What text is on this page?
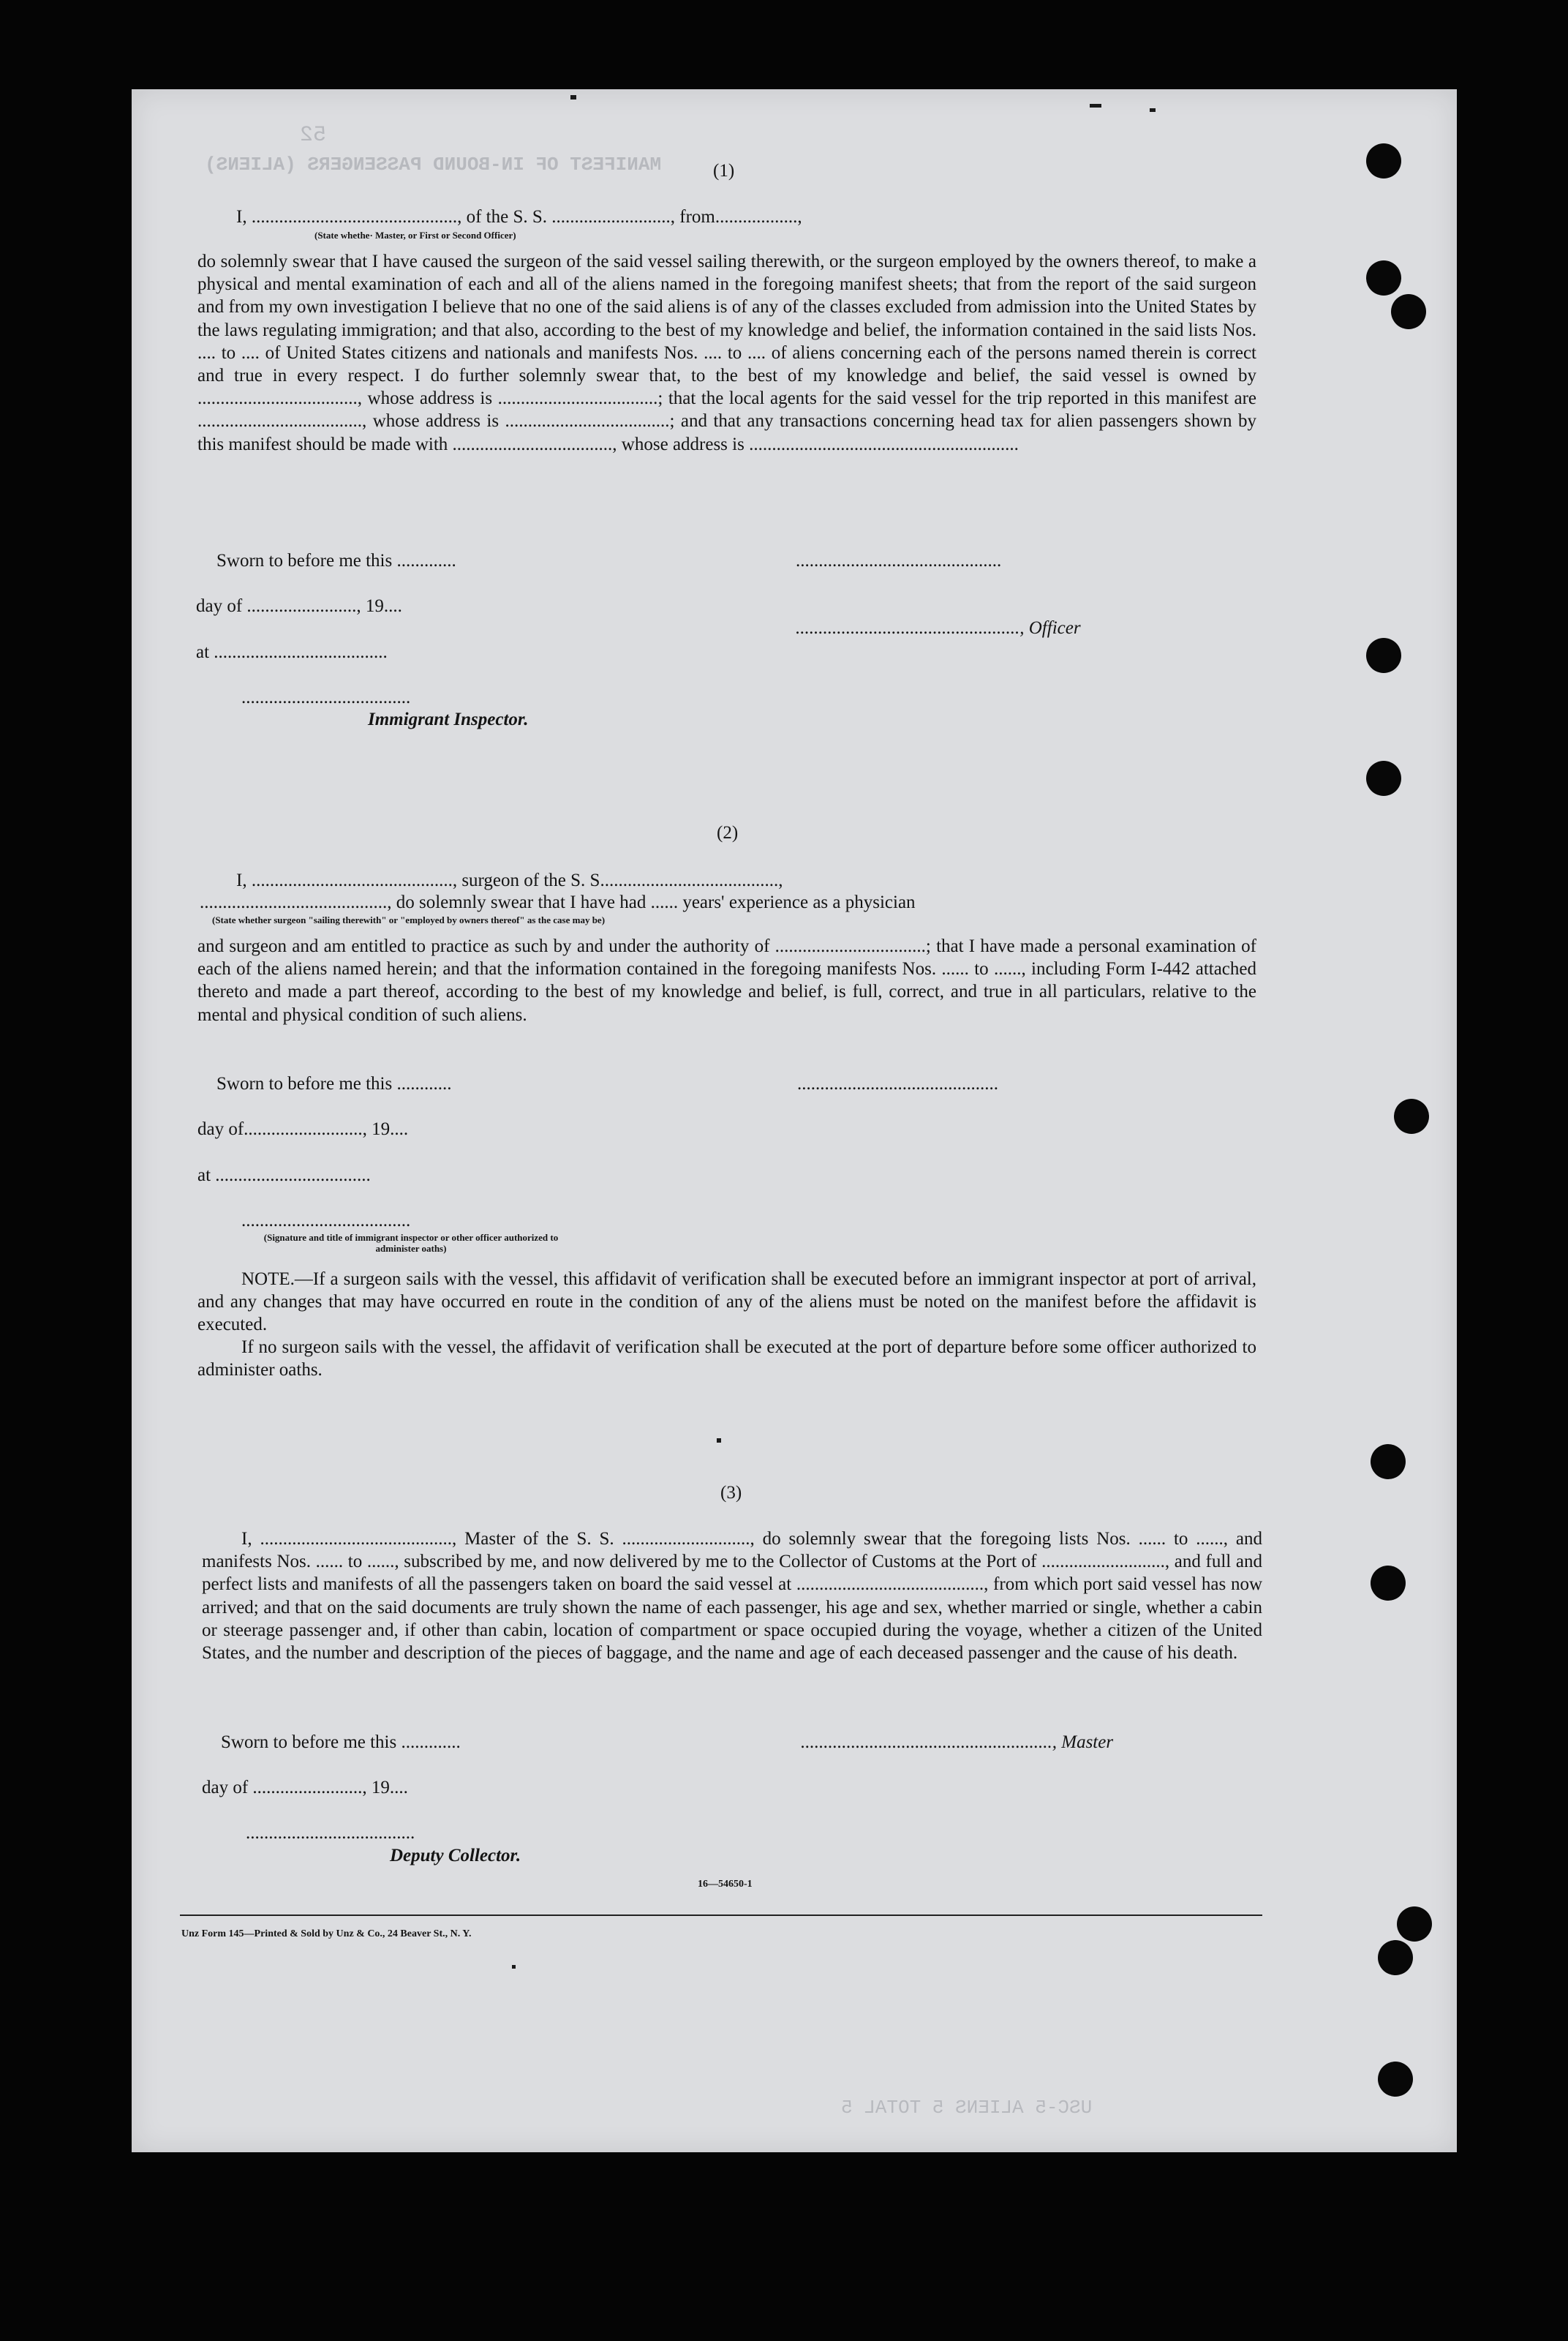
52
MANIFEST OF IN-BOUND PASSENGERS (ALIENS)
USC-5 ALIENS 5 TOTAL 5
(1)
I, ............................................., of the S. S. .........................., from..................,
(State whethe· Master, or First or Second Officer)

do solemnly swear that I have caused the surgeon of the said vessel sailing therewith, or the surgeon employed by the owners thereof, to make a physical and mental examination of each and all of the aliens named in the foregoing manifest sheets; that from the report of the said surgeon and from my own investigation I believe that no one of the said aliens is of any of the classes excluded from admission into the United States by the laws regulating immigration; and that also, according to the best of my knowledge and belief, the information contained in the said lists Nos. .... to .... of United States citizens and nationals and manifests Nos. .... to .... of aliens concerning each of the persons named therein is correct and true in every respect. I do further solemnly swear that, to the best of my knowledge and belief, the said vessel is owned by ..................................., whose address is ...................................; that the local agents for the said vessel for the trip reported in this manifest are ...................................., whose address is ....................................; and that any transactions concerning head tax for alien passengers shown by this manifest should be made with ..................................., whose address is ...........................................................

Sworn to before me this .............
day of ........................, 19....
at ......................................
.............................................
................................................., Officer
.....................................
Immigrant Inspector.
(2)
I, ............................................, surgeon of the S. S.......................................,
........................................., do solemnly swear that I have had ...... years' experience as a physician
(State whether surgeon "sailing therewith" or "employed by owners thereof" as the case may be)

and surgeon and am entitled to practice as such by and under the authority of .................................; that I have made a personal examination of each of the aliens named herein; and that the information contained in the foregoing manifests Nos. ...... to ......, including Form I-442 attached thereto and made a part thereof, according to the best of my knowledge and belief, is full, correct, and true in all particulars, relative to the mental and physical condition of such aliens.

Sworn to before me this ............
day of.........................., 19....
at ..................................
............................................
.....................................
(Signature and title of immigrant inspector or other officer authorized to administer oaths)

NOTE.—If a surgeon sails with the vessel, this affidavit of verification shall be executed before an immigrant inspector at port of arrival, and any changes that may have occurred en route in the condition of any of the aliens must be noted on the manifest before the affidavit is executed.

If no surgeon sails with the vessel, the affidavit of verification shall be executed at the port of departure before some officer authorized to administer oaths.

(3)

I, .........................................., Master of the S. S. ............................, do solemnly swear that the foregoing lists Nos. ...... to ......, and manifests Nos. ...... to ......, subscribed by me, and now delivered by me to the Collector of Customs at the Port of ..........................., and full and perfect lists and manifests of all the passengers taken on board the said vessel at ........................................., from which port said vessel has now arrived; and that on the said documents are truly shown the name of each passenger, his age and sex, whether married or single, whether a cabin or steerage passenger and, if other than cabin, location of compartment or space occupied during the voyage, whether a citizen of the United States, and the number and description of the pieces of baggage, and the name and age of each deceased passenger and the cause of his death.

Sworn to before me this .............
day of ........................, 19....
......................................................., Master
.....................................
Deputy Collector.
16—54650-1
Unz Form 145—Printed & Sold by Unz & Co., 24 Beaver St., N. Y.
